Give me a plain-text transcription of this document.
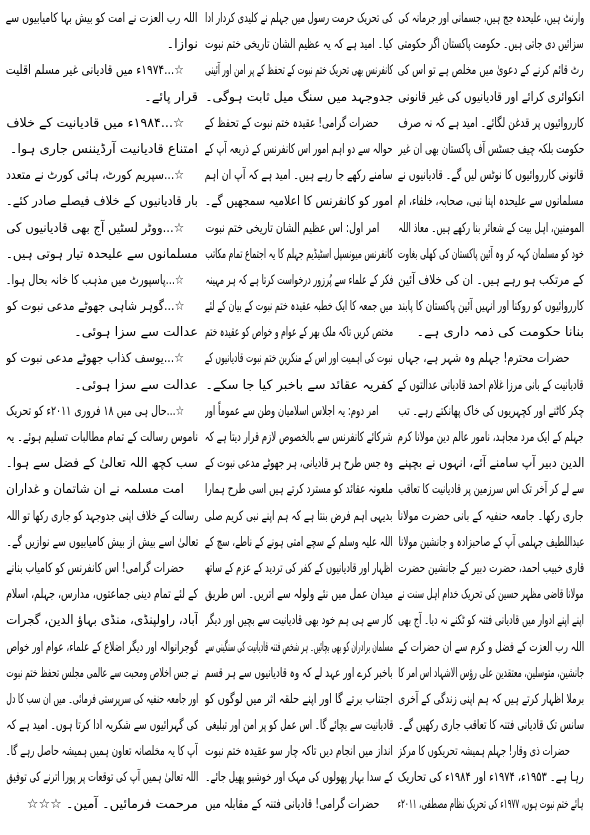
وارنٹ ہیں، علیحدہ جج ہیں، جسمانی اور جرمانہ کی
سزائیں دی جاتی ہیں۔ حکومت پاکستان اگر حکومتی
رٹ قائم کرنے کے دعویٰ میں مخلص ہے تو اس کی
انکوائری کرائے اور قادیانیوں کی غیر قانونی
کارروائیوں پر قدغن لگائے۔ امید ہے کہ نہ صرف
حکومت بلکہ چیف جسٹس آف پاکستان بھی ان غیر
قانونی کارروائیوں کا نوٹس لیں گے۔ قادیانیوں نے
مسلمانوں سے علیحدہ اپنا نبی، صحابہ، خلفاء، ام
المومنین، اہل بیت کے شعائر بنا رکھے ہیں۔ معاذ اللہ
خود کو مسلمان کہہ کر وہ آئین پاکستان کی کھلی بغاوت
کے مرتکب ہو رہے ہیں۔ ان کی خلاف آئین
کارروائیوں کو روکنا اور انہیں آئین پاکستان کا پابند
بنانا حکومت کی ذمہ داری ہے۔
حضرات محترم! جہلم وہ شہر ہے، جہاں
قادیانیت کے بانی مرزا غلام احمد قادیانی عدالتوں کے
چکر کاٹنے اور کچہریوں کی خاک پھانکتے رہے۔ تب
جہلم کے ایک مرد مجاہد، نامور عالم دین مولانا کرم
الدین دبیر آپ سامنے آئے، انہوں نے بچپنے
سے لے کر آخر تک اس سرزمین پر قادیانیت کا تعاقب
جاری رکھا۔ جامعہ حنفیہ کے بانی حضرت مولانا
عبداللطیف جہلمی آپ کے صاحبزادہ و جانشین مولانا
قاری خبیب احمد، حضرت دبیر کے جانشین حضرت
مولانا قاضی مظہر حسین کی تحریک خدام اہل سنت نے
اپنے اپنے ادوار میں قادیانی فتنہ کو ٹکنے نہ دیا۔ آج بھی
اللہ رب العزت کے فضل و کرم سے ان حضرات کے
جانشین، متوسلین، معتقدین علی رؤس الاشہاد اس امر کا
برملا اظہار کرتے ہیں کہ ہم اپنی زندگی کے آخری
سانس تک قادیانی فتنہ کا تعاقب جاری رکھیں گے۔
حضرات ذی وقار! جہلم ہمیشہ تحریکوں کا مرکز
رہا ہے۔ ۱۹۵۳ء، ۱۹۷۴ء اور ۱۹۸۴ء کی تحاریک
ہائے ختم نبوت ہوں، ۱۹۷۷ء کی تحریک نظام مصطفی، ۲۰۱۱ء
کی تحریک حرمت رسول میں جہلم نے کلیدی کردار ادا
کیا۔ امید ہے کہ یہ عظیم الشان تاریخی ختم نبوت
کانفرنس بھی تحریک ختم نبوت کے تحفظ کے پر امن اور آئینی
جدوجہد میں سنگ میل ثابت ہوگی۔
حضرات گرامی! عقیدہ ختم نبوت کے تحفظ کے
حوالہ سے دو اہم امور اس کانفرنس کے ذریعہ آپ کے
سامنے رکھے جا رہے ہیں۔ امید ہے کہ آپ ان اہم
امور کو کانفرنس کا اعلامیہ سمجھیں گے۔
امر اول: اس عظیم الشان تاریخی ختم نبوت
کانفرنس میونسپل اسٹیڈیم جہلم کا یہ اجتماع تمام مکاتب
فکر کے علماء سے پُرزور درخواست کرتا ہے کہ ہر مہینہ
میں جمعہ کا ایک خطبہ عقیدہ ختم نبوت کے بیان کے لئے
مختص کریں تاکہ ملک بھر کے عوام و خواص کو عقیدہ ختم
نبوت کی اہمیت اور اس کے منکرین ختم نبوت قادیانیوں کے
کفریہ عقائد سے باخبر کیا جا سکے۔
امر دوم: یہ اجلاس اسلامیان وطن سے عموماً اور
شرکائے کانفرنس سے بالخصوص لازم قرار دیتا ہے کہ
وہ جس طرح ہر قادیانی، ہر جھوٹے مدعی نبوت کے
ملعونہ عقائد کو مسترد کرتے ہیں اسی طرح ہمارا
بدیہی اہم فرض بنتا ہے کہ ہم اپنے نبی کریم صلی
اللہ علیہ وسلم کے سچے امتی ہونے کے ناطے، سچ کے
اظہار اور قادیانیوں کے کفر کی تردید کے عزم کے ساتھ
میدان عمل میں نئے ولولہ سے اتریں۔ اس طریق
کار سے ہی ہم خود بھی قادیانیت سے بچیں اور دیگر
مسلمان برادران کو بھی بچائیں۔ ہر شخص فتنہ قادیانیت کی سنگینی سے
باخبر کرے اور عہد لے کہ وہ قادیانیوں سے ہر قسم
اجتناب برتے گا اور اپنے حلقہ اثر میں لوگوں کو
قادیانیت سے بچائے گا۔ اس عمل کو پر امن اور تبلیغی
انداز میں انجام دیں تاکہ چار سو عقیدہ ختم نبوت
کے سدا بہار پھولوں کی مہک اور خوشبو پھیل جائے۔
حضرات گرامی! قادیانی فتنہ کے مقابلہ میں
اللہ رب العزت نے امت کو بیش بہا کامیابیوں سے
نوازا۔
☆...۱۹۷۴ء میں قادیانی غیر مسلم اقلیت
قرار پائے۔
☆...۱۹۸۴ء میں قادیانیت کے خلاف
امتناع قادیانیت آرڈیننس جاری ہوا۔
☆...سپریم کورٹ، ہائی کورٹ نے متعدد
بار قادیانیوں کے خلاف فیصلے صادر کئے۔
☆...ووٹر لسٹیں آج بھی قادیانیوں کی
مسلمانوں سے علیحدہ تیار ہوتی ہیں۔
☆...پاسپورٹ میں مذہب کا خانہ بحال ہوا۔
☆...گوہر شاہی جھوٹے مدعی نبوت کو
عدالت سے سزا ہوئی۔
☆...یوسف کذاب جھوٹے مدعی نبوت کو
عدالت سے سزا ہوئی۔
☆...حال ہی میں ۱۸ فروری ۲۰۱۱ء کو تحریک
ناموس رسالت کے تمام مطالبات تسلیم ہوئے۔ یہ
سب کچھ اللہ تعالیٰ کے فضل سے ہوا۔
امت مسلمہ نے ان شاتمان و غداران
رسالت کے خلاف اپنی جدوجہد کو جاری رکھا تو اللہ
تعالیٰ اسے بیش از بیش کامیابیوں سے نوازیں گے۔
حضرات گرامی! اس کانفرنس کو کامیاب بنانے
کے لئے تمام دینی جماعتوں، مدارس، جہلم، اسلام
آباد، راولپنڈی، منڈی بہاؤ الدین، گجرات
گوجرانوالہ اور دیگر اضلاع کے علماء، عوام اور خواص
نے جس اخلاص ومحبت سے عالمی مجلس تحفظ ختم نبوت
اور جامعہ حنفیہ کی سرپرستی فرمائی۔ میں ان سب کا دل
کی گہرائیوں سے شکریہ ادا کرتا ہوں۔ امید ہے کہ
آپ کا یہ مخلصانہ تعاون ہمیں ہمیشہ حاصل رہے گا۔
اللہ تعالیٰ ہمیں آپ کی توقعات پر پورا اترنے کی توفیق
مرحمت فرمائیں۔ آمین۔ ☆☆☆
